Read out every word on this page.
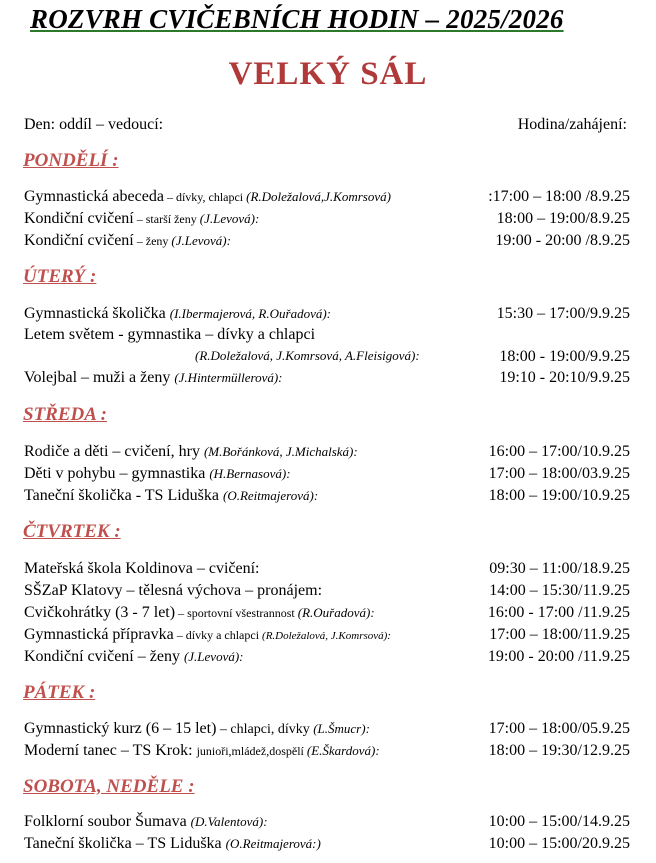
ROZVRH CVIČEBNÍCH HODIN – 2025/2026
VELKÝ SÁL
Den: oddíl – vedoucí:	Hodina/zahájení:
PONDĚLÍ :
Gymnastická abeceda – dívky, chlapci (R.Doležalová,J.Komrsová)	:17:00 – 18:00 /8.9.25
Kondiční cvičení – starší ženy (J.Levová):	18:00 – 19:00/8.9.25
Kondiční cvičení – ženy (J.Levová):	19:00 - 20:00 /8.9.25
ÚTERÝ :
Gymnastická školička (I.Ibermajerová, R.Ouřadová):	15:30 – 17:00/9.9.25
Letem světem - gymnastika – dívky a chlapci
(R.Doležalová, J.Komrsová, A.Fleisigová):	18:00 - 19:00/9.9.25
Volejbal – muži a ženy (J.Hintermüllerová):	19:10 - 20:10/9.9.25
STŘEDA :
Rodiče a děti – cvičení, hry (M.Bořánková, J.Michalská):	16:00 – 17:00/10.9.25
Děti v pohybu – gymnastika (H.Bernasová):	17:00 – 18:00/03.9.25
Taneční školička - TS Liduška (O.Reitmajerová):	18:00 – 19:00/10.9.25
ČTVRTEK :
Mateřská škola Koldinova – cvičení:	09:30 – 11:00/18.9.25
SŠZaP Klatovy – tělesná výchova – pronájem:	14:00 – 15:30/11.9.25
Cvičkohrátky (3 - 7 let) – sportovní všestrannost (R.Ouřadová):	16:00 - 17:00 /11.9.25
Gymnastická přípravka – dívky a chlapci (R.Doležalová, J.Komrsová):	17:00 – 18:00/11.9.25
Kondiční cvičení – ženy (J.Levová):	19:00 - 20:00 /11.9.25
PÁTEK :
Gymnastický kurz (6 – 15 let) – chlapci, dívky (L.Šmucr):	17:00 – 18:00/05.9.25
Moderní tanec – TS Krok: junioři,mládež,dospělí (E.Škardová):	18:00 – 19:30/12.9.25
SOBOTA, NEDĚLE :
Folklorní soubor Šumava (D.Valentová):	10:00 – 15:00/14.9.25
Taneční školička – TS Liduška (O.Reitmajerová:)	10:00 – 15:00/20.9.25
